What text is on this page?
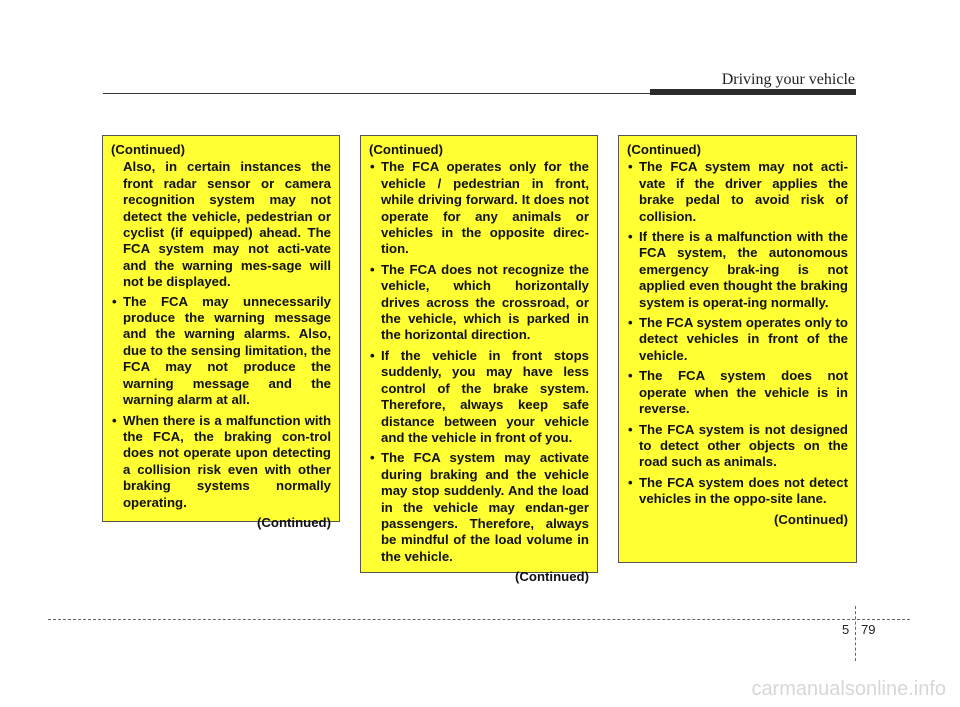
Driving your vehicle

(Continued)

Also, in certain instances the front radar sensor or camera recognition system may not detect the vehicle, pedestrian or cyclist (if equipped) ahead. The FCA system may not acti-vate and the warning mes-sage will not be displayed.

• The FCA may unnecessarily produce the warning message and the warning alarms. Also, due to the sensing limitation, the FCA may not produce the warning message and the warning alarm at all.
• When there is a malfunction with the FCA, the braking con-trol does not operate upon detecting a collision risk even with other braking systems normally operating.

(Continued)

(Continued)

• The FCA operates only for the vehicle / pedestrian in front, while driving forward. It does not operate for any animals or vehicles in the opposite direc-tion.
• The FCA does not recognize the vehicle, which horizontally drives across the crossroad, or the vehicle, which is parked in the horizontal direction.
• If the vehicle in front stops suddenly, you may have less control of the brake system. Therefore, always keep safe distance between your vehicle and the vehicle in front of you.
• The FCA system may activate during braking and the vehicle may stop suddenly. And the load in the vehicle may endan-ger passengers. Therefore, always be mindful of the load volume in the vehicle.

(Continued)

(Continued)

• The FCA system may not acti-vate if the driver applies the brake pedal to avoid risk of collision.
• If there is a malfunction with the FCA system, the autonomous emergency brak-ing is not applied even thought the braking system is operat-ing normally.
• The FCA system operates only to detect vehicles in front of the vehicle.
• The FCA system does not operate when the vehicle is in reverse.
• The FCA system is not designed to detect other objects on the road such as animals.
• The FCA system does not detect vehicles in the oppo-site lane.

(Continued)

5 79
carmanualsonline.info
